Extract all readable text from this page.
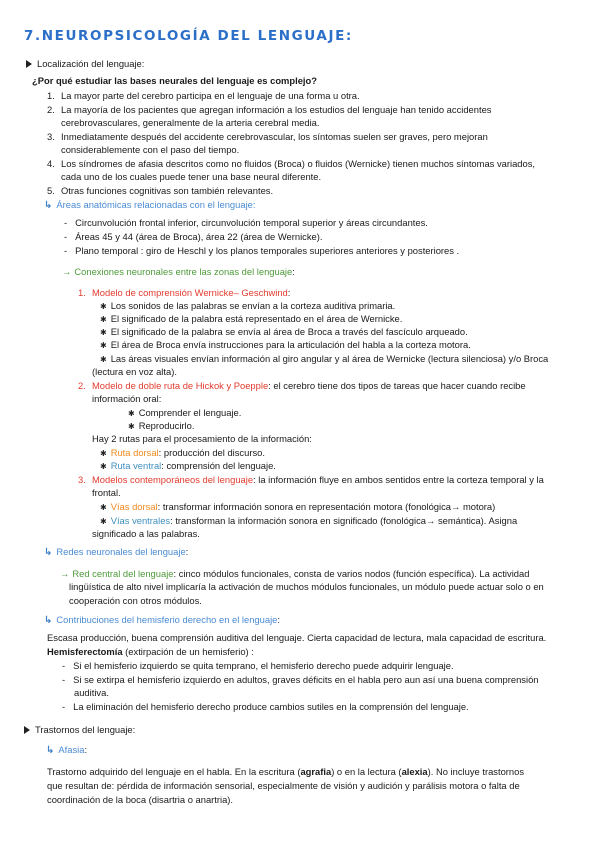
7.NEUROPSICOLOGÍA DEL LENGUAJE:
Localización del lenguaje:
¿Por qué estudiar las bases neurales del lenguaje es complejo?
1. La mayor parte del cerebro participa en el lenguaje de una forma u otra.
2. La mayoría de los pacientes que agregan información a los estudios del lenguaje han tenido accidentes
cerebrovasculares, generalmente de la arteria cerebral media.
3. Inmediatamente después del accidente cerebrovascular, los síntomas suelen ser graves, pero mejoran
considerablemente con el paso del tiempo.
4. Los síndromes de afasia descritos como no fluidos (Broca) o fluidos (Wernicke) tienen muchos síntomas variados,
cada uno de los cuales puede tener una base neural diferente.
5. Otras funciones cognitivas son también relevantes.
↳ Áreas anatómicas relacionadas con el lenguaje:
- Circunvolución frontal inferior, circunvolución temporal superior y áreas circundantes.
- Áreas 45 y 44 (área de Broca), área 22 (área de Wernicke).
- Plano temporal : giro de Heschl y los planos temporales superiores anteriores y posteriores .
→ Conexiones neuronales entre las zonas del lenguaje:
1. Modelo de comprensión Wernicke– Geschwind:
✱ Los sonidos de las palabras se envían a la corteza auditiva primaria.
✱ El significado de la palabra está representado en el área de Wernicke.
✱ El significado de la palabra se envía al área de Broca a través del fascículo arqueado.
✱ El área de Broca envía instrucciones para la articulación del habla a la corteza motora.
✱ Las áreas visuales envían información al giro angular y al área de Wernicke (lectura silenciosa) y/o Broca
(lectura en voz alta).
2. Modelo de doble ruta de Hickok y Poepple: el cerebro tiene dos tipos de tareas que hacer cuando recibe
información oral:
✱ Comprender el lenguaje.
✱ Reproducirlo.
Hay 2 rutas para el procesamiento de la información:
✱ Ruta dorsal: producción del discurso.
✱ Ruta ventral: comprensión del lenguaje.
3. Modelos contemporáneos del lenguaje: la información fluye en ambos sentidos entre la corteza temporal y la
frontal.
✱ Vías dorsal: transformar información sonora en representación motora (fonológica→ motora)
✱ Vías ventrales: transforman la información sonora en significado (fonológica→ semántica). Asigna
significado a las palabras.
↳ Redes neuronales del lenguaje:
→ Red central del lenguaje: cinco módulos funcionales, consta de varios nodos (función específica). La actividad
lingüística de alto nivel implicaría la activación de muchos módulos funcionales, un módulo puede actuar solo o en
cooperación con otros módulos.
↳ Contribuciones del hemisferio derecho en el lenguaje:
Escasa producción, buena comprensión auditiva del lenguaje. Cierta capacidad de lectura, mala capacidad de escritura.
Hemisferectomía (extirpación de un hemisferio) :
- Si el hemisferio izquierdo se quita temprano, el hemisferio derecho puede adquirir lenguaje.
- Si se extirpa el hemisferio izquierdo en adultos, graves déficits en el habla pero aun así una buena comprensión
auditiva.
- La eliminación del hemisferio derecho produce cambios sutiles en la comprensión del lenguaje.
Trastornos del lenguaje:
↳ Afasia:
Trastorno adquirido del lenguaje en el habla. En la escritura (agrafia) o en la lectura (alexia). No incluye trastornos
que resultan de: pérdida de información sensorial, especialmente de visión y audición y parálisis motora o falta de
coordinación de la boca (disartria o anartria).
